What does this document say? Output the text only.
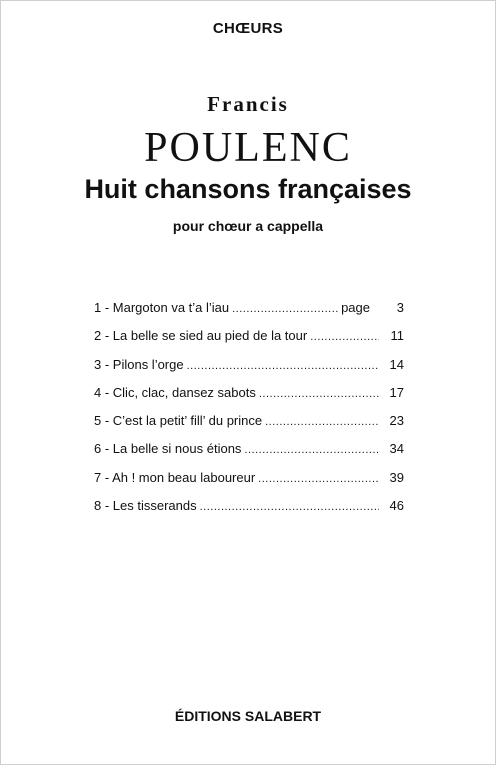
CHŒURS
Francis
POULENC
Huit chansons françaises
pour chœur a cappella
1 - Margoton va t’a l’iau .....	page	3
2 - La belle se sied au pied de la tour .....	11
3 - Pilons l’orge .....	14
4 - Clic, clac, dansez sabots .....	17
5 - C’est la petit’ fill’ du prince .....	23
6 - La belle si nous étions .....	34
7 - Ah ! mon beau laboureur .....	39
8 - Les tisserands .....	46
ÉDITIONS SALABERT
